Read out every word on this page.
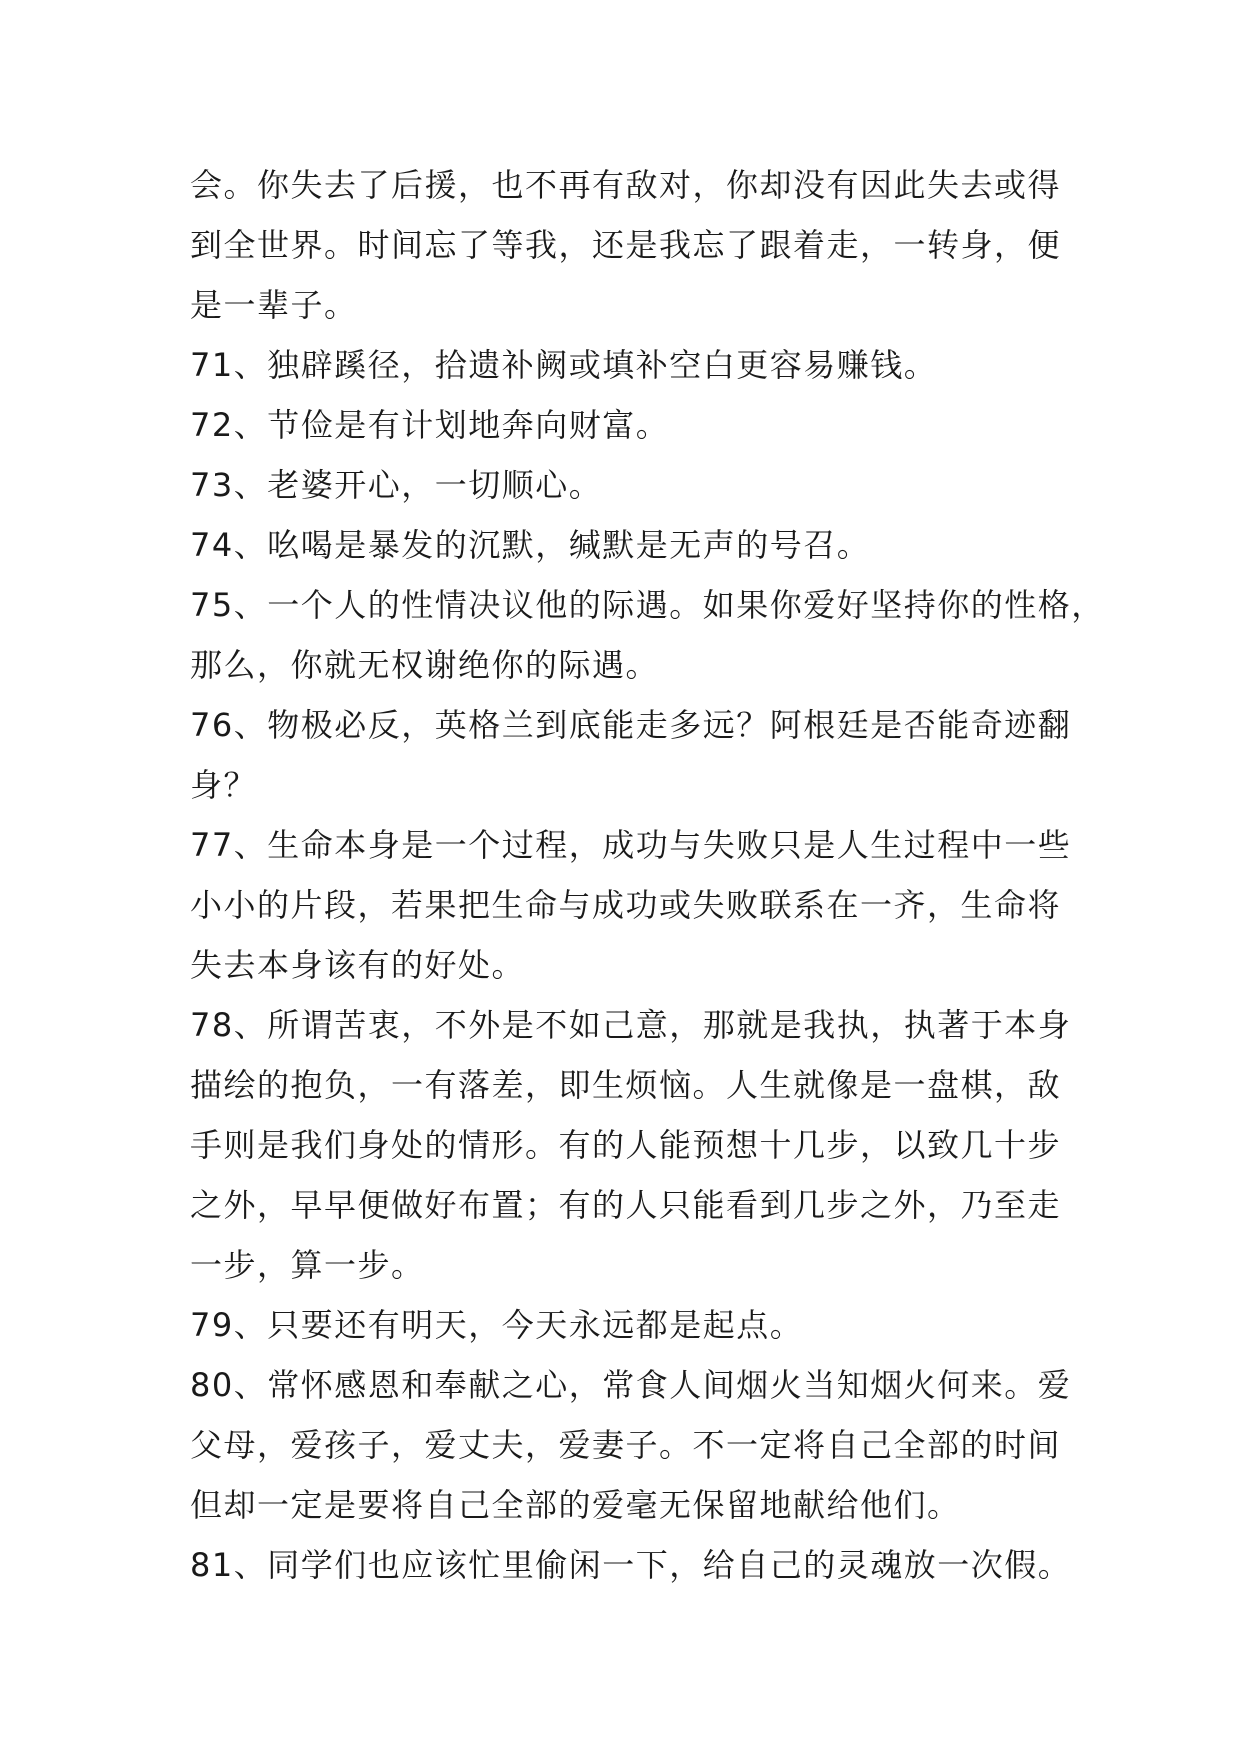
会。你失去了后援，也不再有敌对，你却没有因此失去或得
到全世界。时间忘了等我，还是我忘了跟着走，一转身，便
是一辈子。
71、独辟蹊径，拾遗补阙或填补空白更容易赚钱。
72、节俭是有计划地奔向财富。
73、老婆开心，一切顺心。
74、吆喝是暴发的沉默，缄默是无声的号召。
75、一个人的性情决议他的际遇。如果你爱好坚持你的性格，
那么，你就无权谢绝你的际遇。
76、物极必反，英格兰到底能走多远？阿根廷是否能奇迹翻
身？
77、生命本身是一个过程，成功与失败只是人生过程中一些
小小的片段，若果把生命与成功或失败联系在一齐，生命将
失去本身该有的好处。
78、所谓苦衷，不外是不如己意，那就是我执，执著于本身
描绘的抱负，一有落差，即生烦恼。人生就像是一盘棋，敌
手则是我们身处的情形。有的人能预想十几步，以致几十步
之外，早早便做好布置；有的人只能看到几步之外，乃至走
一步，算一步。
79、只要还有明天，今天永远都是起点。
80、常怀感恩和奉献之心，常食人间烟火当知烟火何来。爱
父母，爱孩子，爱丈夫，爱妻子。不一定将自己全部的时间
但却一定是要将自己全部的爱毫无保留地献给他们。
81、同学们也应该忙里偷闲一下，给自己的灵魂放一次假。
